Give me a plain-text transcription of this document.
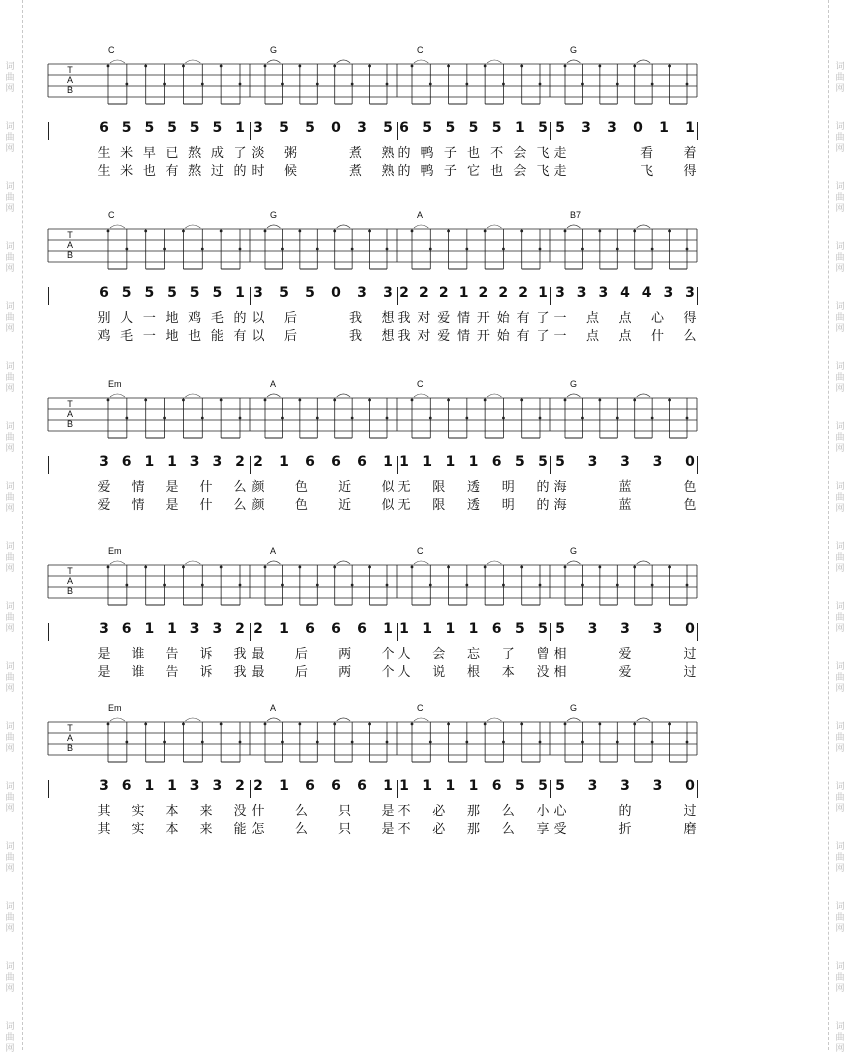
词
曲
网
词
曲
网
词
曲
网
词
曲
网
词
曲
网
词
曲
网
词
曲
网
词
曲
网
词
曲
网
词
曲
网
词
曲
网
词
曲
网
词
曲
网
词
曲
网
词
曲
网
词
曲
网
词
曲
网
词
曲
网
词
曲
网
词
曲
网
词
曲
网
词
曲
网
词
曲
网
词
曲
网
词
曲
网
词
曲
网
词
曲
网
词
曲
网
词
曲
网
词
曲
网
词
曲
网
词
曲
网
词
曲
网
词
曲
网
T
A
B
C	G	C	G
6 5 5 5 5 5 1 3 5 5 0 3 5 6 5 5 5 5 1 5 5 3 3 0 1 1
生 米 早 已 熬 成 了 淡 粥	煮 熟 的 鸭 子 也 不 会 飞 走	看 着
生 米 也 有 熬 过 的 时 候	煮 熟 的 鸭 子 它 也 会 飞 走	飞 得
T
A
B
C	G	A	B7
6 5 5 5 5 5 1 3 5 5 0 3 3 2 2 2 1 2 2 2 1 3 3 3 4 4 3 3
别 人 一 地 鸡 毛 的 以 后	我 想 我 对 爱 情 开 始 有 了 一 点 点 心 得
鸡 毛 一 地 也 能 有 以 后	我 想 我 对 爱 情 开 始 有 了 一 点 点 什 么
T
A
B
Em	A	C	G
3 6 1 1 3 3 2 2 1 6 6 6 1 1 1 1 1 6 5 5 5 3 3 3 0
爱 情 是 什 么 颜 色 近 似 无 限 透 明 的 海	蓝	色
爱 情 是 什 么 颜 色 近 似 无 限 透 明 的 海	蓝	色
T
A
B
Em	A	C	G
3 6 1 1 3 3 2 2 1 6 6 6 1 1 1 1 1 6 5 5 5 3 3 3 0
是 谁 告 诉 我 最 后 两 个 人 会 忘 了 曾 相	爱	过
是 谁 告 诉 我 最 后 两 个 人 说 根 本 没 相	爱	过
T
A
B
Em	A	C	G
3 6 1 1 3 3 2 2 1 6 6 6 1 1 1 1 1 6 5 5 5 3 3 3 0
其 实 本 来 没 什 么 只 是 不 必 那 么 小 心	的	过
其 实 本 来 能 怎 么 只 是 不 必 那 么 享 受	折	磨
